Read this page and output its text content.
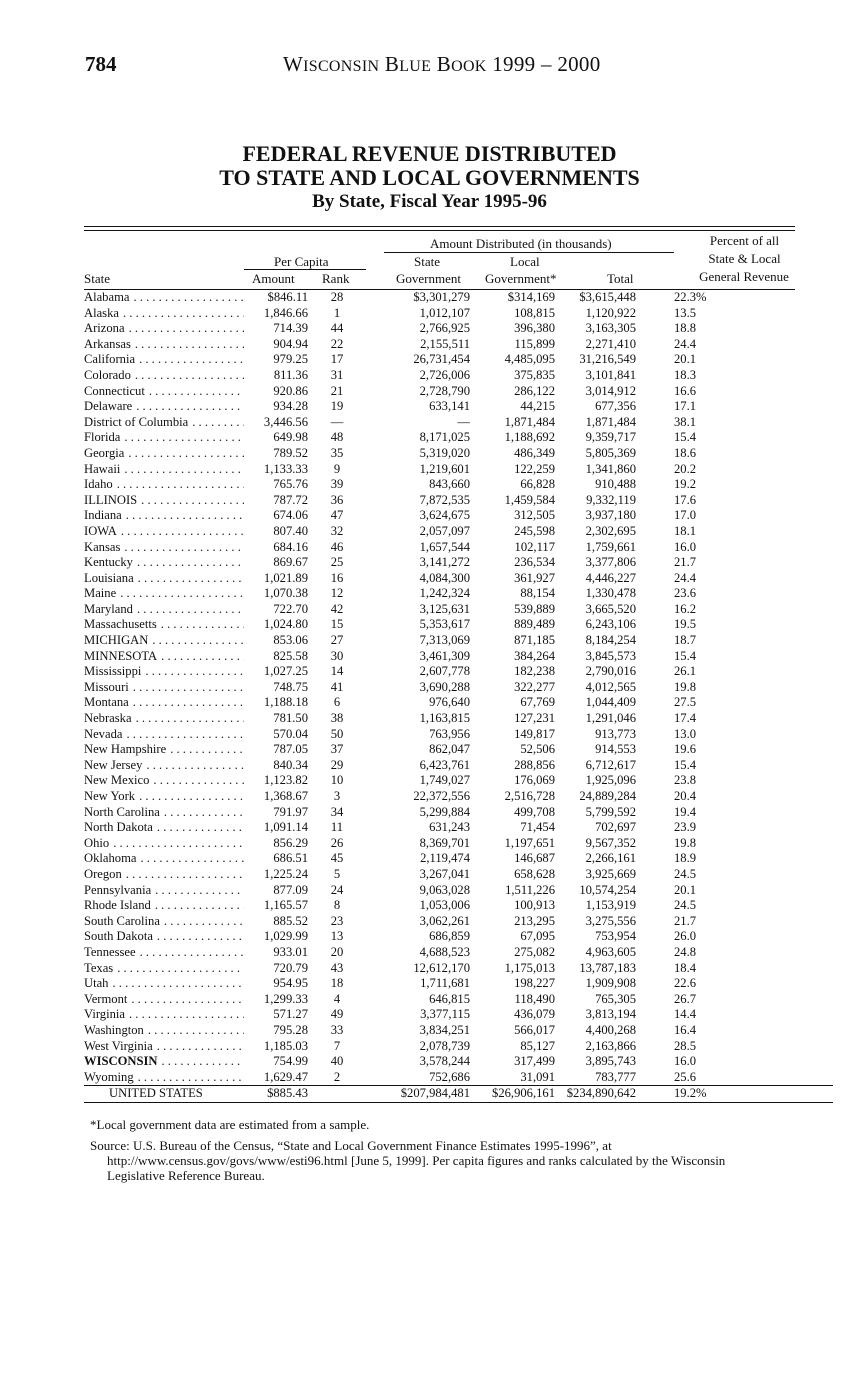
784	WISCONSIN BLUE BOOK 1999 – 2000
FEDERAL REVENUE DISTRIBUTED
TO STATE AND LOCAL GOVERNMENTS
By State, Fiscal Year 1995-96
Amount Distributed (in thousands)	Percent of all
State & Local
General Revenue
Per Capita	State	Local
State	Amount Rank	Government Government*	Total
Alabama . . .	$846.11	28	$3,301,279	$314,169	$3,615,448	22.3%

Alaska . . .	1,846.66	1	1,012,107	108,815	1,120,922	13.5

Arizona . . .	714.39	44	2,766,925	396,380	3,163,305	18.8

Arkansas . . .	904.94	22	2,155,511	115,899	2,271,410	24.4

California . . .	979.25	17	26,731,454	4,485,095	31,216,549	20.1

Colorado . . .	811.36	31	2,726,006	375,835	3,101,841	18.3

Connecticut . . .	920.86	21	2,728,790	286,122	3,014,912	16.6

Delaware . . .	934.28	19	633,141	44,215	677,356	17.1

District of Columbia . . .	3,446.56	—	—	1,871,484	1,871,484	38.1

Florida . . .	649.98	48	8,171,025	1,188,692	9,359,717	15.4

Georgia . . .	789.52	35	5,319,020	486,349	5,805,369	18.6

Hawaii . . .	1,133.33	9	1,219,601	122,259	1,341,860	20.2

Idaho . . .	765.76	39	843,660	66,828	910,488	19.2

ILLINOIS . . .	787.72	36	7,872,535	1,459,584	9,332,119	17.6

Indiana . . .	674.06	47	3,624,675	312,505	3,937,180	17.0

IOWA . . .	807.40	32	2,057,097	245,598	2,302,695	18.1

Kansas . . .	684.16	46	1,657,544	102,117	1,759,661	16.0

Kentucky . . .	869.67	25	3,141,272	236,534	3,377,806	21.7

Louisiana . . .	1,021.89	16	4,084,300	361,927	4,446,227	24.4

Maine . . .	1,070.38	12	1,242,324	88,154	1,330,478	23.6

Maryland . . .	722.70	42	3,125,631	539,889	3,665,520	16.2

Massachusetts . . .	1,024.80	15	5,353,617	889,489	6,243,106	19.5

MICHIGAN . . .	853.06	27	7,313,069	871,185	8,184,254	18.7

MINNESOTA . . .	825.58	30	3,461,309	384,264	3,845,573	15.4

Mississippi . . .	1,027.25	14	2,607,778	182,238	2,790,016	26.1

Missouri . . .	748.75	41	3,690,288	322,277	4,012,565	19.8

Montana . . .	1,188.18	6	976,640	67,769	1,044,409	27.5

Nebraska . . .	781.50	38	1,163,815	127,231	1,291,046	17.4

Nevada . . .	570.04	50	763,956	149,817	913,773	13.0

New Hampshire . . .	787.05	37	862,047	52,506	914,553	19.6

New Jersey . . .	840.34	29	6,423,761	288,856	6,712,617	15.4

New Mexico . . .	1,123.82	10	1,749,027	176,069	1,925,096	23.8

New York . . .	1,368.67	3	22,372,556	2,516,728	24,889,284	20.4

North Carolina . . .	791.97	34	5,299,884	499,708	5,799,592	19.4

North Dakota . . .	1,091.14	11	631,243	71,454	702,697	23.9

Ohio . . .	856.29	26	8,369,701	1,197,651	9,567,352	19.8

Oklahoma . . .	686.51	45	2,119,474	146,687	2,266,161	18.9

Oregon . . .	1,225.24	5	3,267,041	658,628	3,925,669	24.5

Pennsylvania . . .	877.09	24	9,063,028	1,511,226	10,574,254	20.1

Rhode Island . . .	1,165.57	8	1,053,006	100,913	1,153,919	24.5

South Carolina . . .	885.52	23	3,062,261	213,295	3,275,556	21.7

South Dakota . . .	1,029.99	13	686,859	67,095	753,954	26.0

Tennessee . . .	933.01	20	4,688,523	275,082	4,963,605	24.8

Texas . . .	720.79	43	12,612,170	1,175,013	13,787,183	18.4

Utah . . .	954.95	18	1,711,681	198,227	1,909,908	22.6

Vermont . . .	1,299.33	4	646,815	118,490	765,305	26.7

Virginia . . .	571.27	49	3,377,115	436,079	3,813,194	14.4

Washington . . .	795.28	33	3,834,251	566,017	4,400,268	16.4

West Virginia . . .	1,185.03	7	2,078,739	85,127	2,163,866	28.5

WISCONSIN . . .	754.99	40	3,578,244	317,499	3,895,743	16.0

Wyoming . . .	1,629.47	2	752,686	31,091	783,777	25.6
UNITED STATES	$885.43		$207,984,481	$26,906,161	$234,890,642	19.2%

*Local government data are estimated from a sample.

Source: U.S. Bureau of the Census, “State and Local Government Finance Estimates 1995-1996”, at
http://www.census.gov/govs/www/esti96.html [June 5, 1999]. Per capita figures and ranks calculated by the Wisconsin
Legislative Reference Bureau.
